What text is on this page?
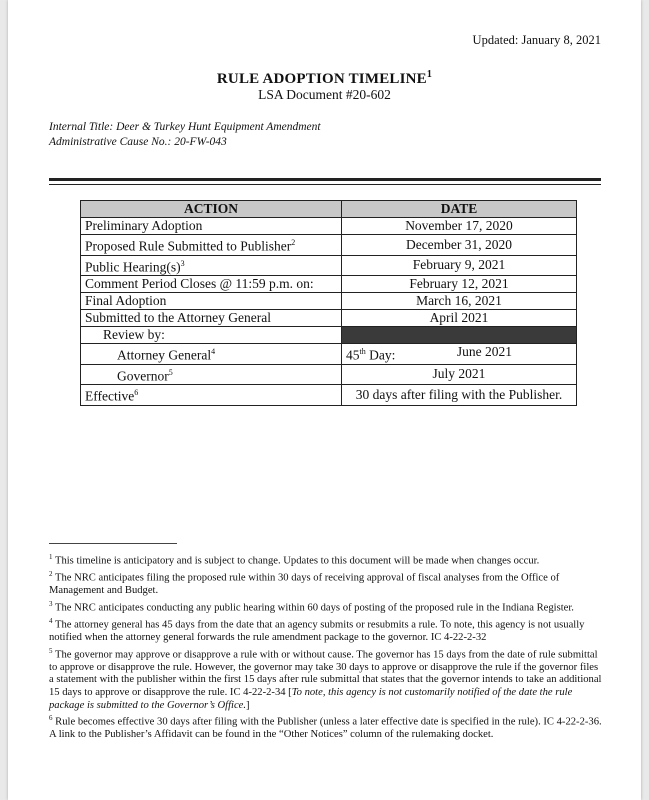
Updated: January 8, 2021
RULE ADOPTION TIMELINE$^1$
LSA Document #20-602
Internal Title: Deer & Turkey Hunt Equipment Amendment
Administrative Cause No.: 20-FW-043
ACTION	DATE
Preliminary Adoption	November 17, 2020
Proposed Rule Submitted to Publisher$^2$	December 31, 2020
Public $Hearing(s)^3$	February 9, 2021
Comment Period Closes @ 11:59 p.m. on:	February 12, 2021
Final Adoption	March 16, 2021
Submitted to the Attorney General	April 2021
Review by:	
Attorney General$^4$	45th Day: June 2021

Governor$^5$	July 2021
Effective$^6$	30 days after filing with the Publisher.

$^1$ This timeline is anticipatory and is subject to change. Updates to this document will be made when changes occur.

$^2$ The NRC anticipates filing the proposed rule within 30 days of receiving approval of fiscal analyses from the Office of Management and Budget.

$^3$ The NRC anticipates conducting any public hearing within 60 days of posting of the proposed rule in the Indiana Register.

$^4$ The attorney general has 45 days from the date that an agency submits or resubmits a rule. To note, this agency is not usually notified when the attorney general forwards the rule amendment package to the governor. IC 4-22-2-32

$^5$ The governor may approve or disapprove a rule with or without cause. The governor has 15 days from the date of rule submittal to approve or disapprove the rule. However, the governor may take 30 days to approve or disapprove the rule if the governor files a statement with the publisher within the first 15 days after rule submittal that states that the governor intends to take an additional 15 days to approve or disapprove the rule. IC 4-22-2-34 [To note, this agency is not customarily notified of the date the rule package is submitted to the Governor’s Office.]

$^6$ Rule becomes effective 30 days after filing with the Publisher (unless a later effective date is specified in the rule). IC 4-22-2-36. A link to the Publisher’s Affidavit can be found in the “Other Notices” column of the rulemaking docket.
